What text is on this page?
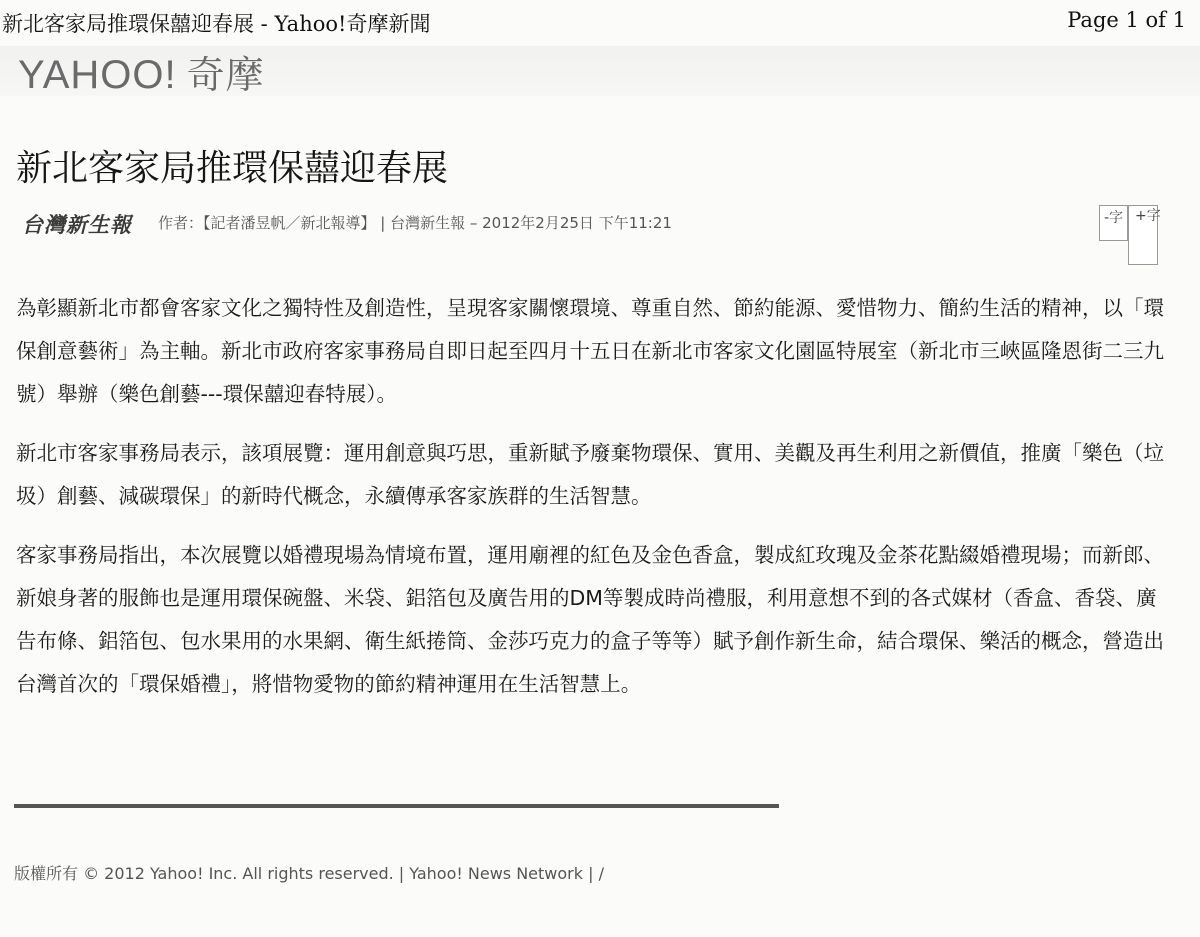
新北客家局推環保囍迎春展 - Yahoo!奇摩新聞	Page 1 of 1
YAHOO! 奇摩
新北客家局推環保囍迎春展
台灣新生報 作者：【記者潘昱帆／新北報導】 | 台灣新生報 – 2012年2月25日 下午11:21	-字 +字

為彰顯新北市都會客家文化之獨特性及創造性，呈現客家關懷環境、尊重自然、節約能源、愛惜物力、簡約生活的精神，以「環保創意藝術」為主軸。新北市政府客家事務局自即日起至四月十五日在新北市客家文化園區特展室（新北市三峽區隆恩街二三九號）舉辦（樂色創藝---環保囍迎春特展）。

新北市客家事務局表示，該項展覽：運用創意與巧思，重新賦予廢棄物環保、實用、美觀及再生利用之新價值，推廣「樂色（垃圾）創藝、減碳環保」的新時代概念，永續傳承客家族群的生活智慧。

客家事務局指出，本次展覽以婚禮現場為情境布置，運用廟裡的紅色及金色香盒，製成紅玫瑰及金茶花點綴婚禮現場；而新郎、新娘身著的服飾也是運用環保碗盤、米袋、鋁箔包及廣告用的DM等製成時尚禮服，利用意想不到的各式媒材（香盒、香袋、廣告布條、鋁箔包、包水果用的水果網、衛生紙捲筒、金莎巧克力的盒子等等）賦予創作新生命，結合環保、樂活的概念，營造出台灣首次的「環保婚禮」，將惜物愛物的節約精神運用在生活智慧上。

版權所有 © 2012 Yahoo! Inc. All rights reserved. | Yahoo! News Network | /
